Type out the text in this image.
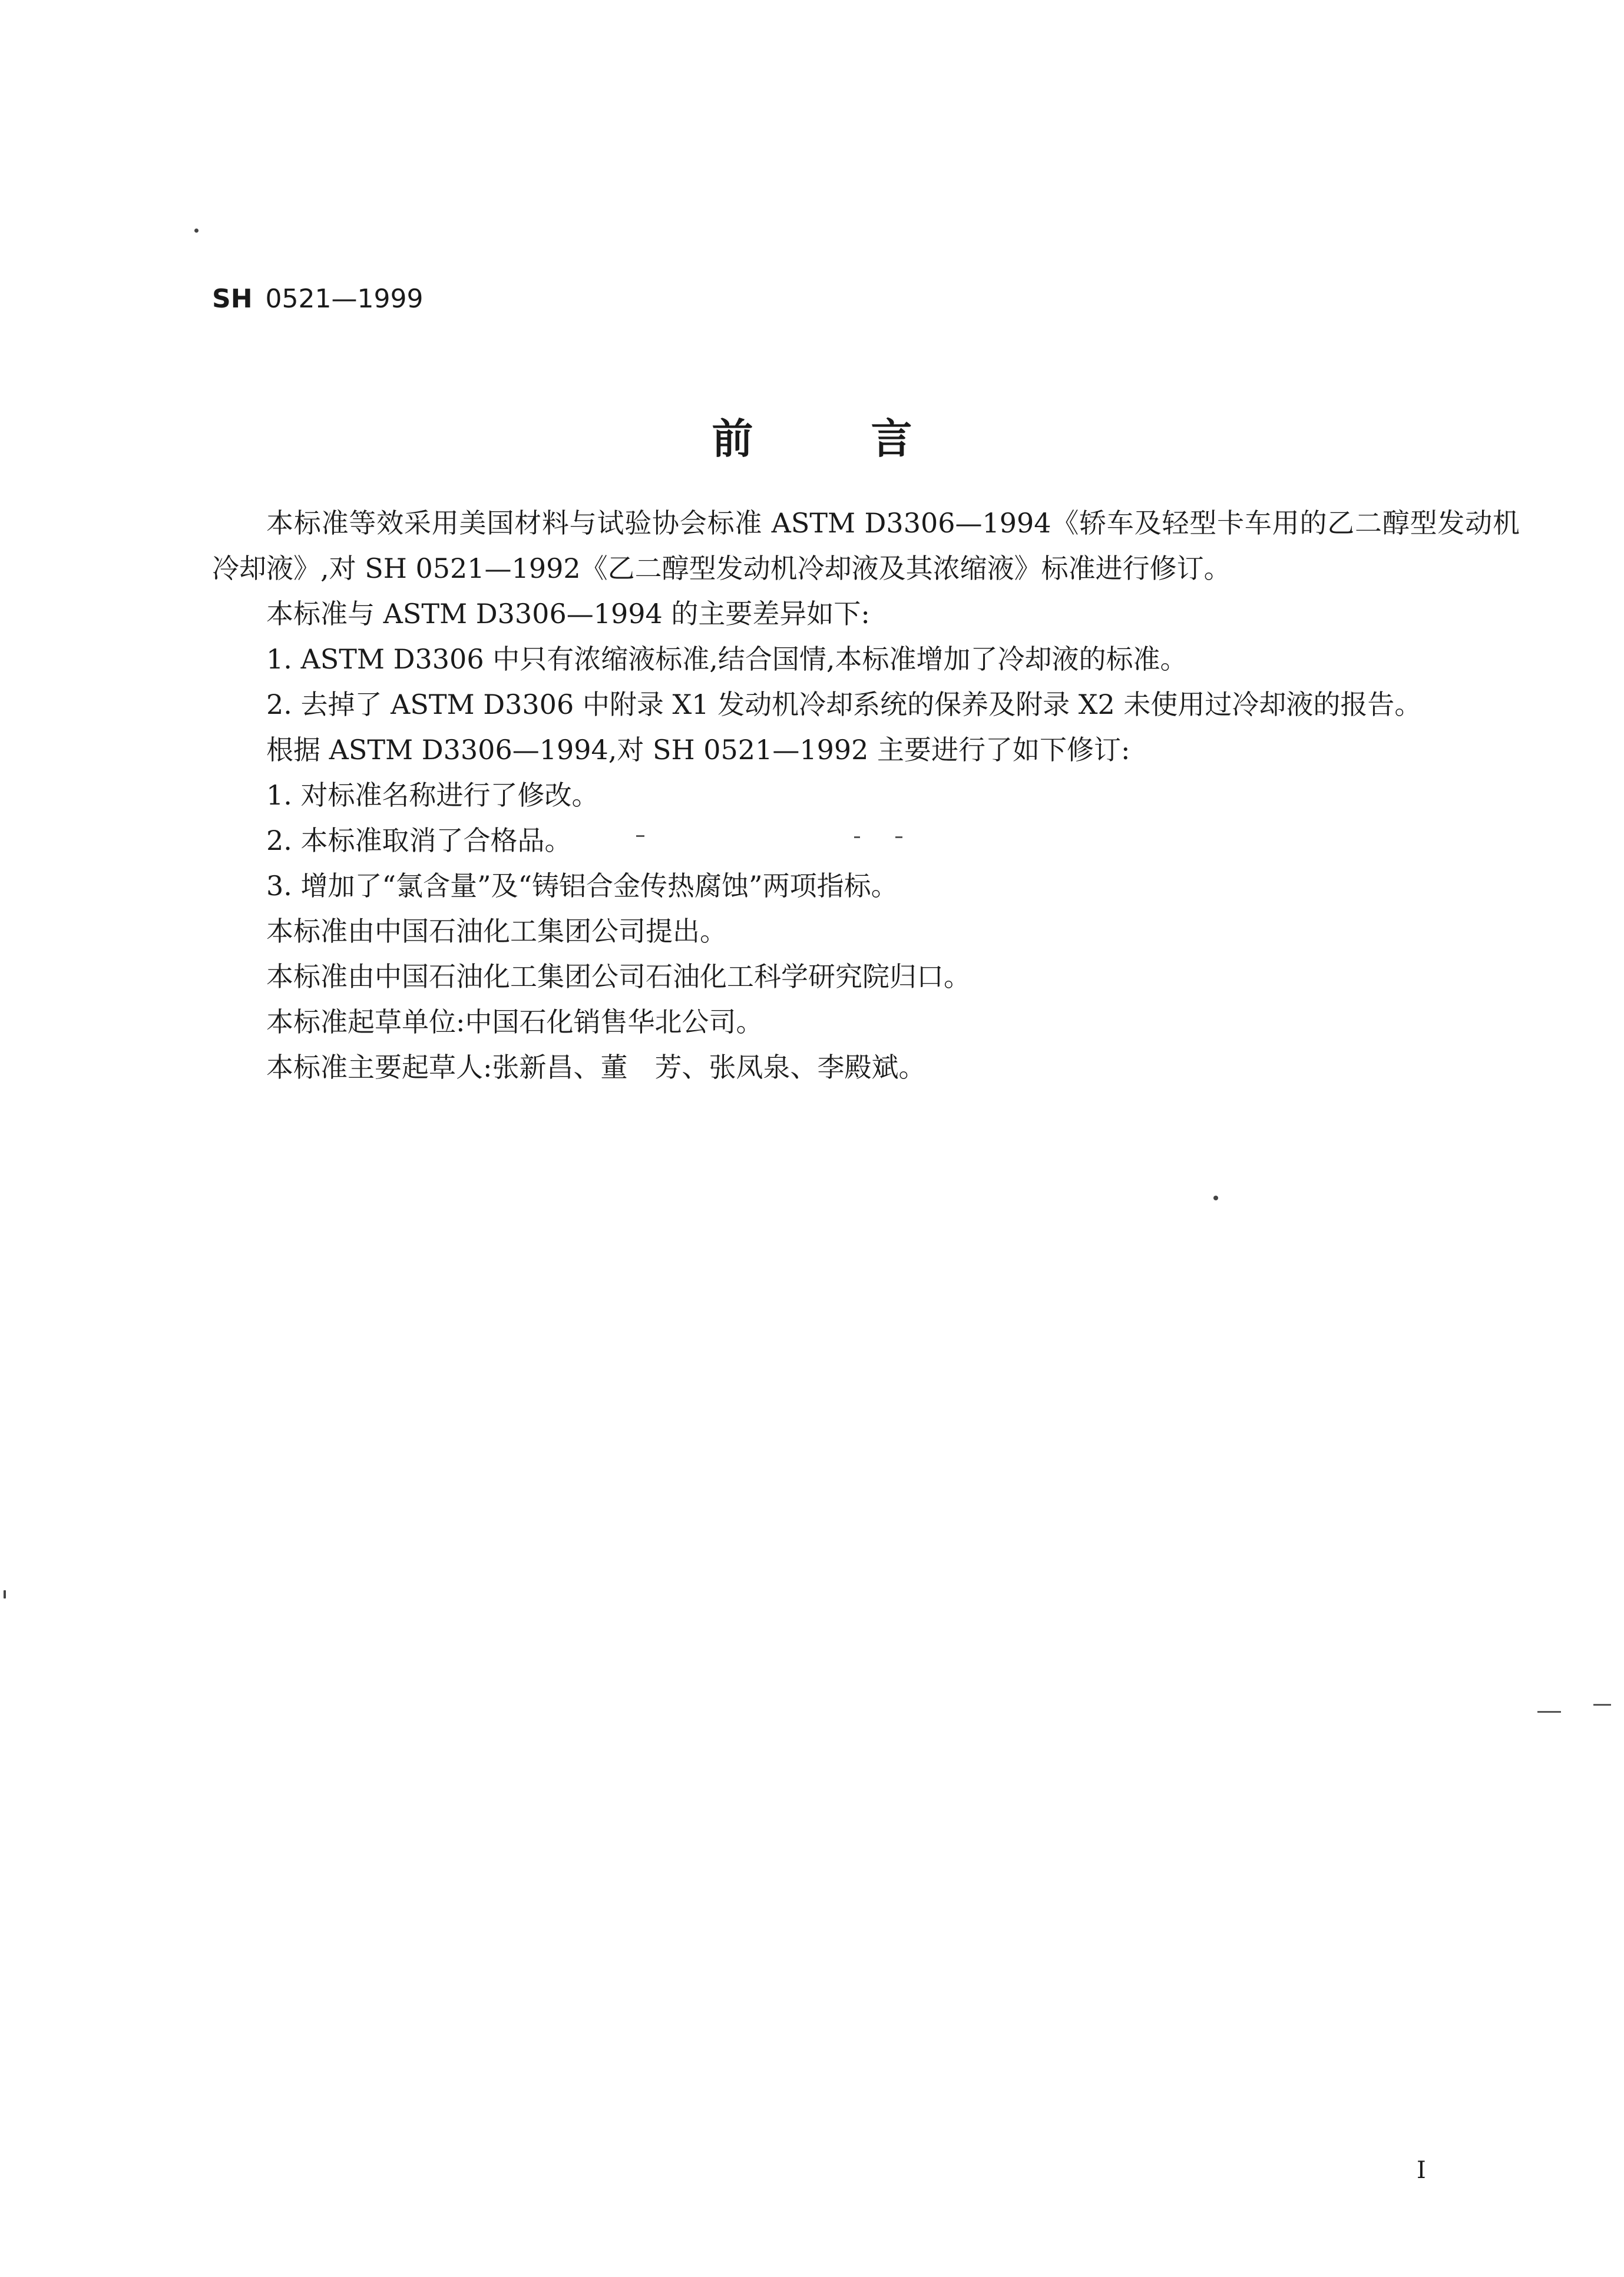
SH 0521—1999
前	言

本标准等效采用美国材料与试验协会标准 ASTM D3306—1994《轿车及轻型卡车用的乙二醇型发动机冷却液》,对 SH 0521—1992《乙二醇型发动机冷却液及其浓缩液》标准进行修订。

本标准与 ASTM D3306—1994 的主要差异如下:

1. ASTM D3306 中只有浓缩液标准,结合国情,本标准增加了冷却液的标准。

2. 去掉了 ASTM D3306 中附录 X1 发动机冷却系统的保养及附录 X2 未使用过冷却液的报告。

根据 ASTM D3306—1994,对 SH 0521—1992 主要进行了如下修订:

1. 对标准名称进行了修改。

2. 本标准取消了合格品。

3. 增加了“氯含量”及“铸铝合金传热腐蚀”两项指标。

本标准由中国石油化工集团公司提出。

本标准由中国石油化工集团公司石油化工科学研究院归口。

本标准起草单位:中国石化销售华北公司。

本标准主要起草人:张新昌、董　芳、张凤泉、李殿斌。

I
